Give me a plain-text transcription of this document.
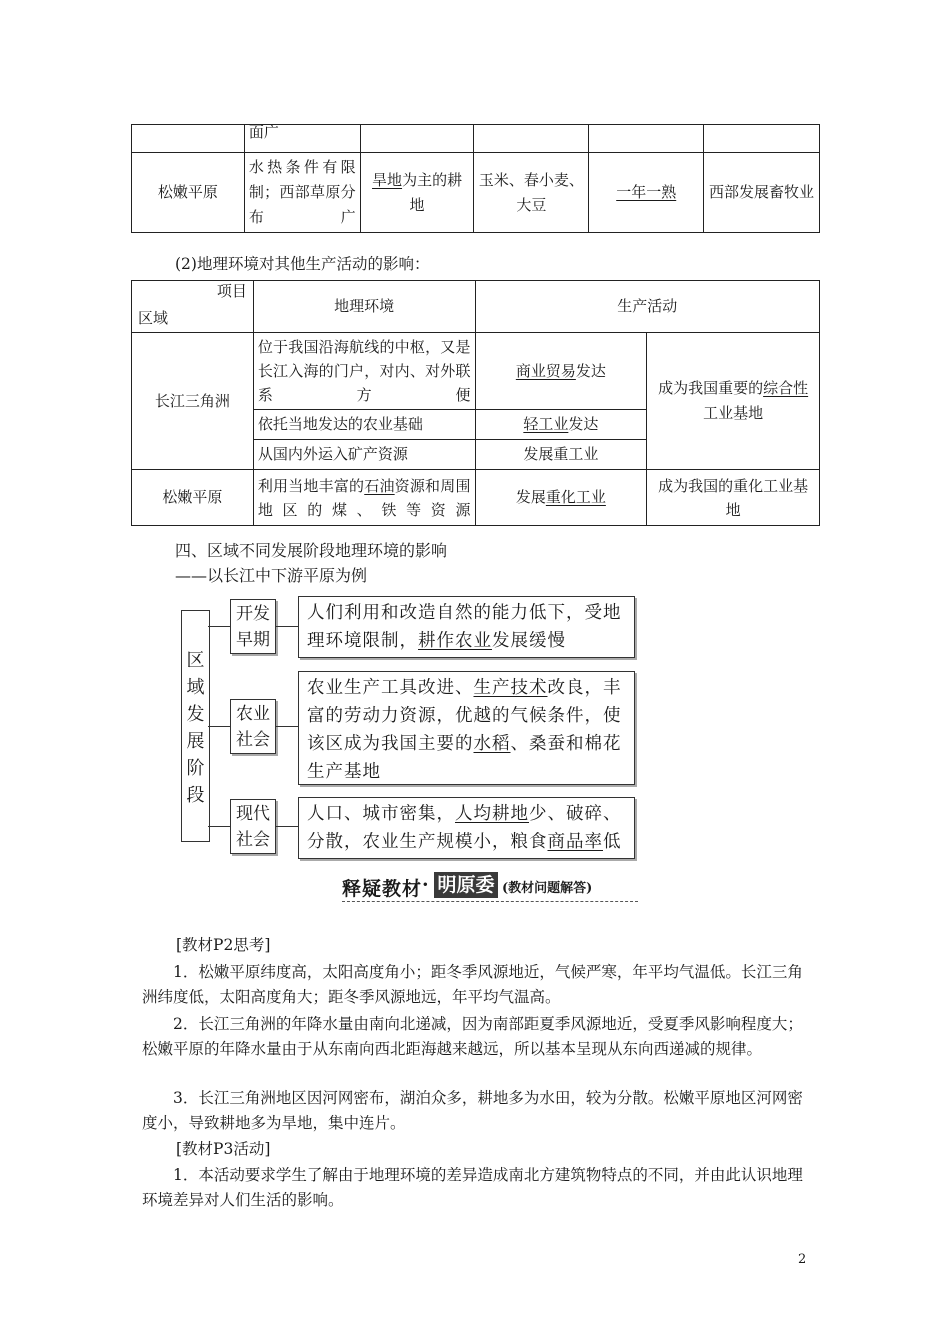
	面广				
松嫩平原	水热条件有限制；西部草原分布广	旱地为主的耕地	玉米、春小麦、大豆	一年一熟	西部发展畜牧业
(2)地理环境对其他生产活动的影响：
项目
区域	地理环境	生产活动	
长江三角洲	位于我国沿海航线的中枢，又是长江入海的门户，对内、对外联系方便	商业贸易发达	成为我国重要的综合性工业基地
	依托当地发达的农业基础	轻工业发达	
	从国内外运入矿产资源	发展重工业	
松嫩平原	利用当地丰富的石油资源和周围地区的煤、铁等资源	发展重化工业	成为我国的重化工业基地
四、区域不同发展阶段地理环境的影响
——以长江中下游平原为例
区域发展阶段
开发早期
农业社会
现代社会
人们利用和改造自然的能力低下，受地理环境限制，耕作农业发展缓慢
农业生产工具改进、生产技术改良，丰富的劳动力资源，优越的气候条件，使该区成为我国主要的水稻、桑蚕和棉花生产基地
人口、城市密集，人均耕地少、破碎、分散，农业生产规模小，粮食商品率低
释疑教材 · 明原委 (教材问题解答)
[教材P2思考]
1．松嫩平原纬度高，太阳高度角小；距冬季风源地近，气候严寒，年平均气温低。长江三角洲纬度低，太阳高度角大；距冬季风源地远，年平均气温高。
2．长江三角洲的年降水量由南向北递减，因为南部距夏季风源地近，受夏季风影响程度大；松嫩平原的年降水量由于从东南向西北距海越来越远，所以基本呈现从东向西递减的规律。
3．长江三角洲地区因河网密布，湖泊众多，耕地多为水田，较为分散。松嫩平原地区河网密度小，导致耕地多为旱地，集中连片。
[教材P3活动]
1．本活动要求学生了解由于地理环境的差异造成南北方建筑物特点的不同，并由此认识地理环境差异对人们生活的影响。
2
